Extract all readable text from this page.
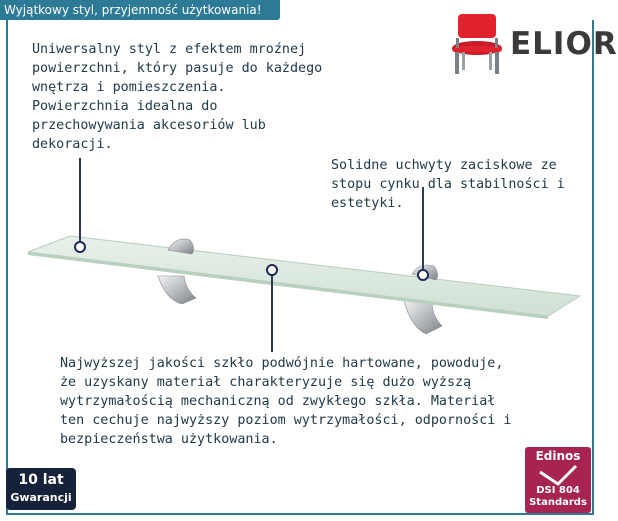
Wyjątkowy styl, przyjemność użytkowania!
ELIOR
Uniwersalny styl z efektem mroźnej
powierzchni, który pasuje do każdego
wnętrza i pomieszczenia.
Powierzchnia idealna do
przechowywania akcesoriów lub
dekoracji.
Solidne uchwyty zaciskowe ze
stopu cynku dla stabilności i
estetyki.
Najwyższej jakości szkło podwójnie hartowane, powoduje,
że uzyskany materiał charakteryzuje się dużo wyższą
wytrzymałością mechaniczną od zwykłego szkła. Materiał
ten cechuje najwyższy poziom wytrzymałości, odporności i
bezpieczeństwa użytkowania.
10 lat
Gwarancji
Edinos
DSI 804
Standards
